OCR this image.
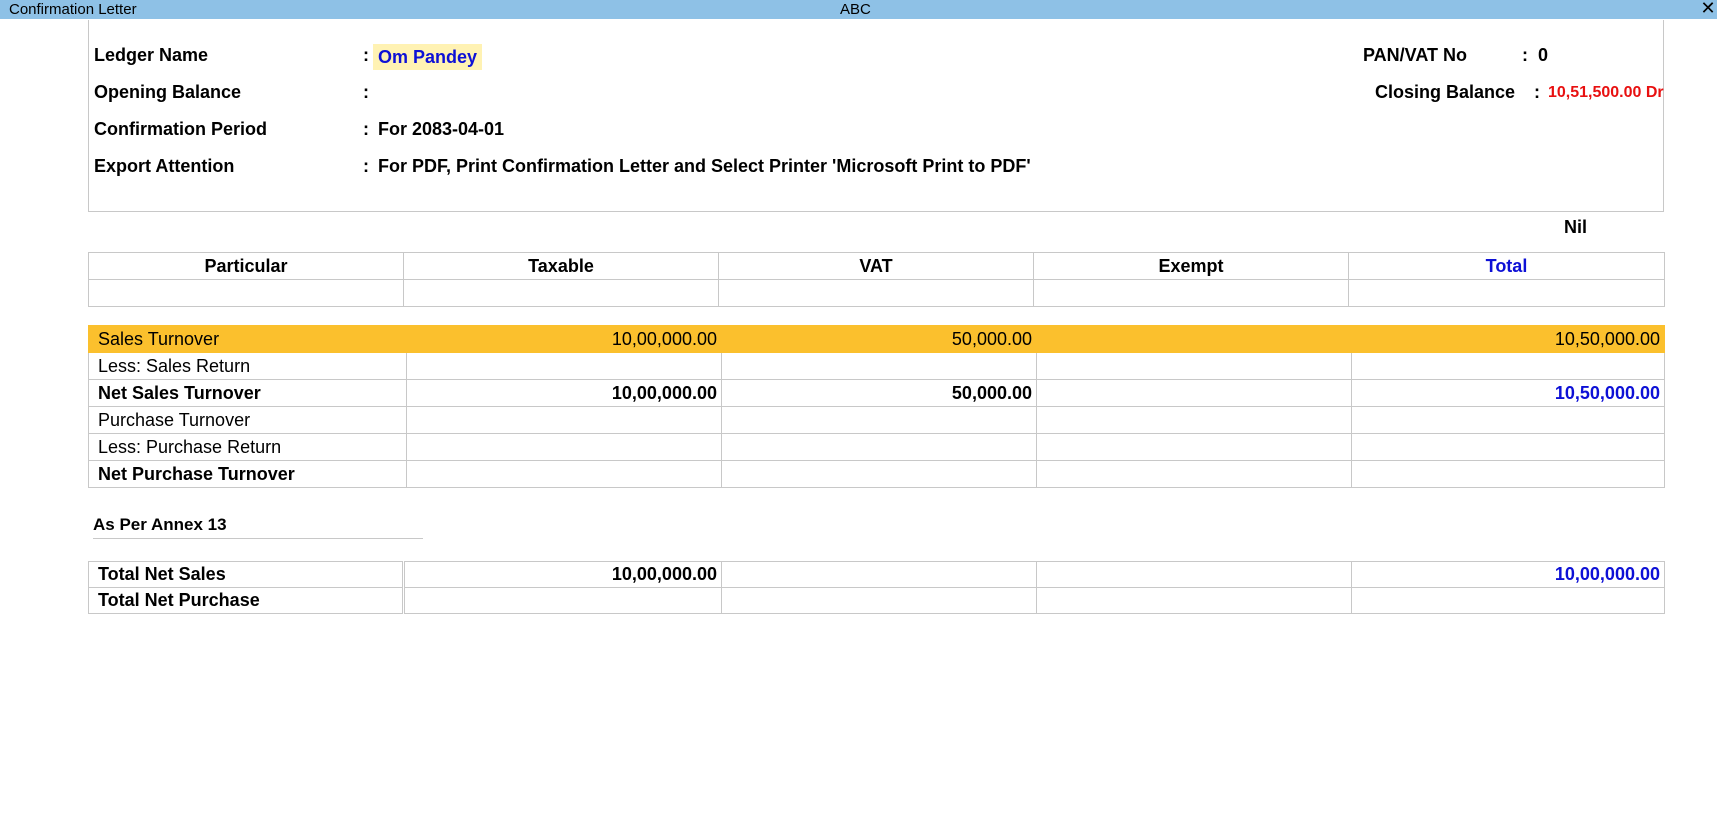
Confirmation Letter	ABC	✕
Ledger Name	: Om Pandey
Opening Balance	:
Confirmation Period	: For 2083-04-01
Export Attention	: For PDF, Print Confirmation Letter and Select Printer 'Microsoft Print to PDF'
PAN/VAT No	: 0
Closing Balance : 10,51,500.00 Dr
Nil
Particular	Taxable	VAT	Exempt	Total

Sales Turnover	10,00,000.00	50,000.00		10,50,000.00
Less: Sales Return				
Net Sales Turnover	10,00,000.00	50,000.00		10,50,000.00
Purchase Turnover				
Less: Purchase Return				
Net Purchase Turnover				
As Per Annex 13
Total Net Sales	10,00,000.00			10,00,000.00
Total Net Purchase				
